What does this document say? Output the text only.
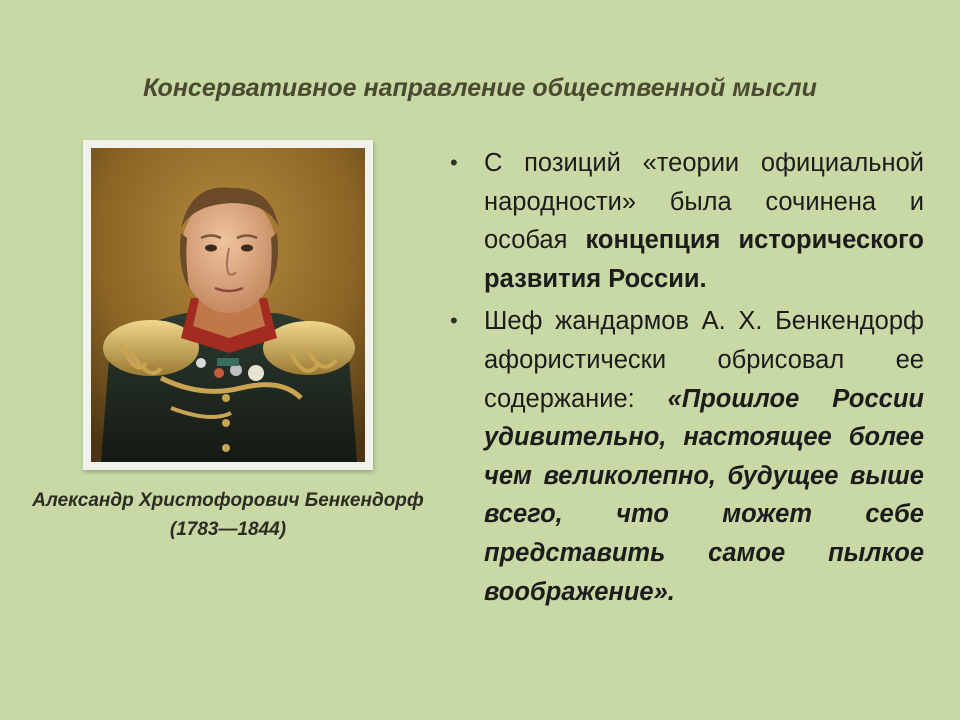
Консервативное направление общественной мысли
Александр Христофорович Бенкендорф
(1783—1844)
• С позиций «теории официальной народности» была сочинена и особая концепция исторического развития России.
• Шеф жандармов А. Х. Бенкендорф афористически обрисовал ее содержание: «Прошлое России удивительно, настоящее более чем великолепно, будущее выше всего, что может себе представить самое пылкое воображение».
